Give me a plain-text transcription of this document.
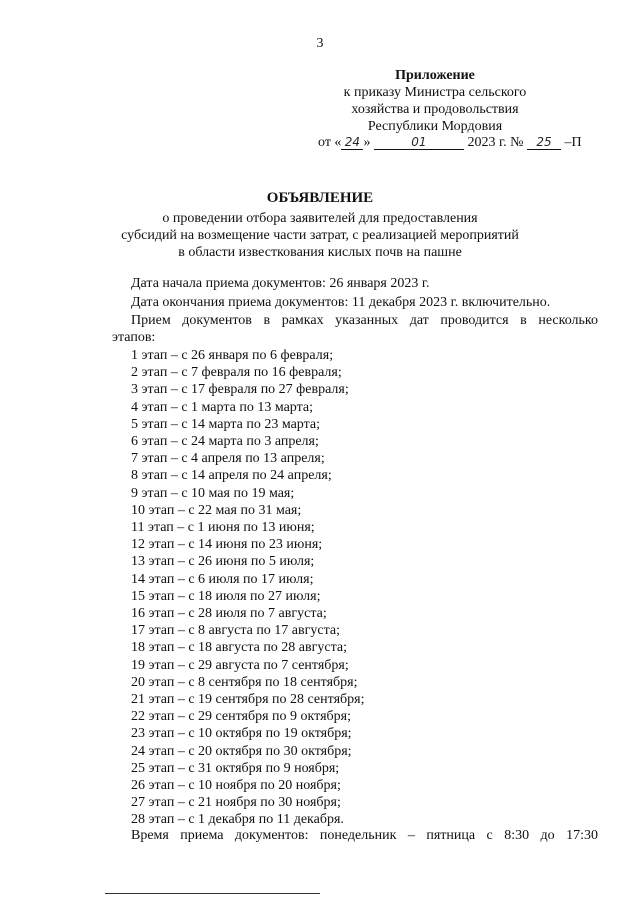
3
Приложение
к приказу Министра сельского
хозяйства и продовольствия
Республики Мордовия
от « 24 »	01	2023 г. № 25 –П
ОБЪЯВЛЕНИЕ
о проведении отбора заявителей для предоставления
субсидий на возмещение части затрат, с реализацией мероприятий
в области известкования кислых почв на пашне
Дата начала приема документов: 26 января 2023 г.
Дата окончания приема документов: 11 декабря 2023 г. включительно.
Прием документов в рамках указанных дат проводится в несколько
этапов:
1 этап – с 26 января по 6 февраля;
2 этап – с 7 февраля по 16 февраля;
3 этап – с 17 февраля по 27 февраля;
4 этап – с 1 марта по 13 марта;
5 этап – с 14 марта по 23 марта;
6 этап – с 24 марта по 3 апреля;
7 этап – с 4 апреля по 13 апреля;
8 этап – с 14 апреля по 24 апреля;
9 этап – с 10 мая по 19 мая;
10 этап – с 22 мая по 31 мая;
11 этап – с 1 июня по 13 июня;
12 этап – с 14 июня по 23 июня;
13 этап – с 26 июня по 5 июля;
14 этап – с 6 июля по 17 июля;
15 этап – с 18 июля по 27 июля;
16 этап – с 28 июля по 7 августа;
17 этап – с 8 августа по 17 августа;
18 этап – с 18 августа по 28 августа;
19 этап – с 29 августа по 7 сентября;
20 этап – с 8 сентября по 18 сентября;
21 этап – с 19 сентября по 28 сентября;
22 этап – с 29 сентября по 9 октября;
23 этап – с 10 октября по 19 октября;
24 этап – с 20 октября по 30 октября;
25 этап – с 31 октября по 9 ноября;
26 этап – с 10 ноября по 20 ноября;
27 этап – с 21 ноября по 30 ноября;
28 этап – с 1 декабря по 11 декабря.
Время приема документов: понедельник – пятница с 8:30 до 17:30
